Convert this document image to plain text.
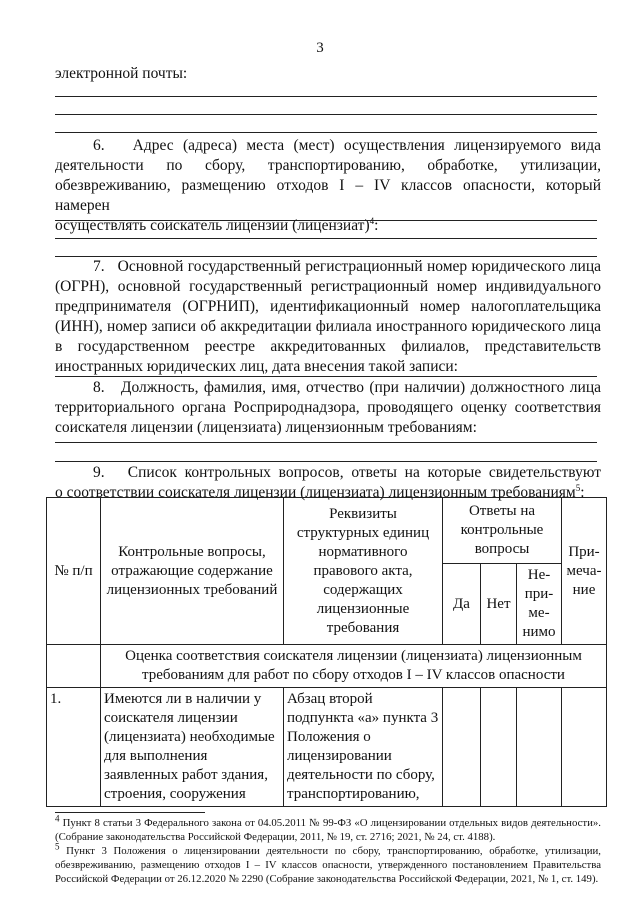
3
электронной почты:
6.   Адрес (адреса) места (мест) осуществления лицензируемого вида
деятельности по сбору, транспортированию, обработке, утилизации,
обезвреживанию, размещению отходов I – IV классов опасности, который намерен
осуществлять соискатель лицензии (лицензиат)$^4$:
7.   Основной государственный регистрационный номер юридического лица
(ОГРН), основной государственный регистрационный номер индивидуального
предпринимателя (ОГРНИП), идентификационный номер налогоплательщика
(ИНН), номер записи об аккредитации филиала иностранного юридического лица
в государственном реестре аккредитованных филиалов, представительств
иностранных юридических лиц, дата внесения такой записи:
8.   Должность, фамилия, имя, отчество (при наличии) должностного лица
территориального органа Росприроднадзора, проводящего оценку соответствия
соискателя лицензии (лицензиата) лицензионным требованиям:
9.   Список контрольных вопросов, ответы на которые свидетельствуют
о соответствии соискателя лицензии (лицензиата) лицензионным требованиям$^5$:
№ п/п	Контрольные вопросы, отражающие содержание лицензионных требований	Реквизиты структурных единиц нормативного правового акта, содержащих лицензионные требования	Ответы на контрольные вопросы			При-
меча-
ние
			Да	Нет	Не-
при-
ме-
нимо	
	Оценка соответствия соискателя лицензии (лицензиата) лицензионным требованиям для работ по сбору отходов I – IV классов опасности					
1.	Имеются ли в наличии у соискателя лицензии (лицензиата) необходимые для выполнения заявленных работ здания, строения, сооружения	Абзац второй подпункта «а» пункта 3 Положения о лицензировании деятельности по сбору, транспортированию,				
$^4$ Пункт 8 статьи 3 Федерального закона от 04.05.2011 № 99-ФЗ «О лицензировании отдельных видов деятельности». (Собрание законодательства Российской Федерации, 2011, № 19, ст. 2716; 2021, № 24, ст. 4188).
$^5$ Пункт 3 Положения о лицензировании деятельности по сбору, транспортированию, обработке, утилизации, обезвреживанию, размещению отходов I – IV классов опасности, утвержденного постановлением Правительства Российской Федерации от 26.12.2020 № 2290 (Собрание законодательства Российской Федерации, 2021, № 1, ст. 149).
